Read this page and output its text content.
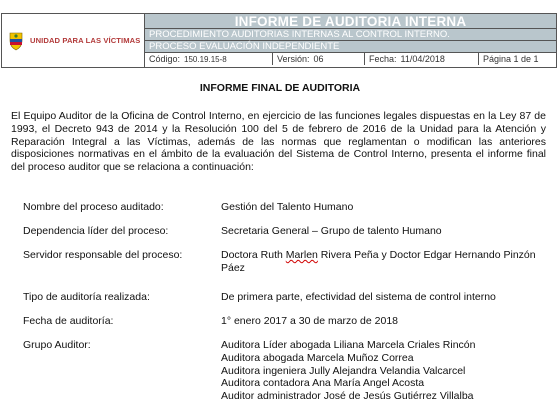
UNIDAD PARA LAS VÍCTIMAS
INFORME DE AUDITORIA INTERNA
PROCEDIMIENTO AUDITORIAS INTERNAS AL CONTROL INTERNO.
PROCESO EVALUACIÓN INDEPENDIENTE
Código: 150.19.15-8	Versión: 06	Fecha: 11/04/2018	Página 1 de 1
INFORME FINAL DE AUDITORIA

El Equipo Auditor de la Oficina de Control Interno, en ejercicio de las funciones legales dispuestas en la Ley 87 de 1993, el Decreto 943 de 2014 y la Resolución 100 del 5 de febrero de 2016 de la Unidad para la Atención y Reparación Integral a las Víctimas, además de las normas que reglamentan o modifican las anteriores disposiciones normativas en el ámbito de la evaluación del Sistema de Control Interno, presenta el informe final del proceso auditor que se relaciona a continuación:

Nombre del proceso auditado:	Gestión del Talento Humano
Dependencia líder del proceso:	Secretaria General – Grupo de talento Humano
Servidor responsable del proceso:	Doctora Ruth Marlen Rivera Peña y Doctor Edgar Hernando Pinzón Páez
Tipo de auditoría realizada:	De primera parte, efectividad del sistema de control interno
Fecha de auditoría:	1° enero 2017 a 30 de marzo de 2018
Grupo Auditor:	Auditora Líder abogada Liliana Marcela Criales Rincón
Auditora abogada Marcela Muñoz Correa
Auditora ingeniera Jully Alejandra Velandia Valcarcel
Auditora contadora Ana María Angel Acosta
Auditor administrador José de Jesús Gutiérrez Villalba
